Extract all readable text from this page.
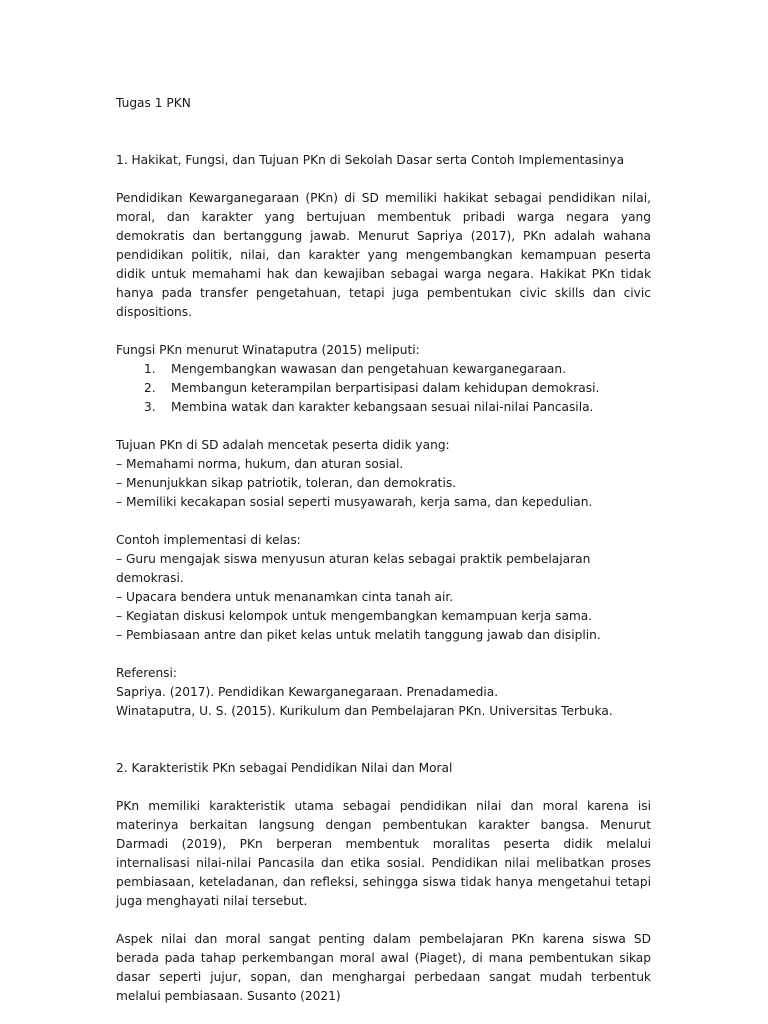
Tugas 1 PKN

1. Hakikat, Fungsi, dan Tujuan PKn di Sekolah Dasar serta Contoh Implementasinya

Pendidikan Kewarganegaraan (PKn) di SD memiliki hakikat sebagai pendidikan nilai, moral, dan karakter yang bertujuan membentuk pribadi warga negara yang demokratis dan bertanggung jawab. Menurut Sapriya (2017), PKn adalah wahana pendidikan politik, nilai, dan karakter yang mengembangkan kemampuan peserta didik untuk memahami hak dan kewajiban sebagai warga negara. Hakikat PKn tidak hanya pada transfer pengetahuan, tetapi juga pembentukan civic skills dan civic dispositions.

Fungsi PKn menurut Winataputra (2015) meliputi:

1. Mengembangkan wawasan dan pengetahuan kewarganegaraan.
2. Membangun keterampilan berpartisipasi dalam kehidupan demokrasi.
3. Membina watak dan karakter kebangsaan sesuai nilai-nilai Pancasila.

Tujuan PKn di SD adalah mencetak peserta didik yang:

– Memahami norma, hukum, dan aturan sosial.

– Menunjukkan sikap patriotik, toleran, dan demokratis.

– Memiliki kecakapan sosial seperti musyawarah, kerja sama, dan kepedulian.

Contoh implementasi di kelas:

– Guru mengajak siswa menyusun aturan kelas sebagai praktik pembelajaran demokrasi.

– Upacara bendera untuk menanamkan cinta tanah air.

– Kegiatan diskusi kelompok untuk mengembangkan kemampuan kerja sama.

– Pembiasaan antre dan piket kelas untuk melatih tanggung jawab dan disiplin.

Referensi:

Sapriya. (2017). Pendidikan Kewarganegaraan. Prenadamedia.

Winataputra, U. S. (2015). Kurikulum dan Pembelajaran PKn. Universitas Terbuka.

2. Karakteristik PKn sebagai Pendidikan Nilai dan Moral

PKn memiliki karakteristik utama sebagai pendidikan nilai dan moral karena isi materinya berkaitan langsung dengan pembentukan karakter bangsa. Menurut Darmadi (2019), PKn berperan membentuk moralitas peserta didik melalui internalisasi nilai-nilai Pancasila dan etika sosial. Pendidikan nilai melibatkan proses pembiasaan, keteladanan, dan refleksi, sehingga siswa tidak hanya mengetahui tetapi juga menghayati nilai tersebut.

Aspek nilai dan moral sangat penting dalam pembelajaran PKn karena siswa SD berada pada tahap perkembangan moral awal (Piaget), di mana pembentukan sikap dasar seperti jujur, sopan, dan menghargai perbedaan sangat mudah terbentuk melalui pembiasaan. Susanto (2021)
